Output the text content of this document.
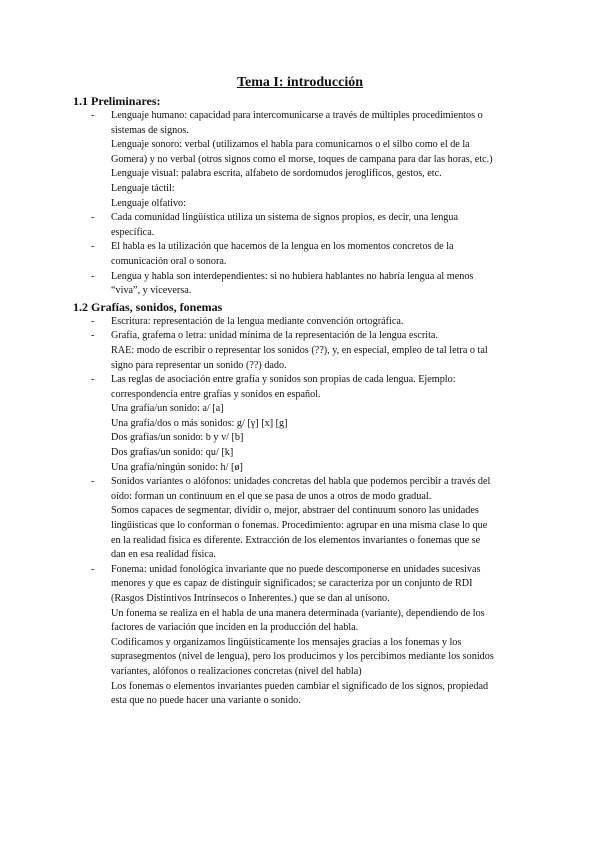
Tema I: introducción
1.1 Preliminares:
- Lenguaje humano: capacidad para intercomunicarse a través de múltiples procedimientos o
sistemas de signos.
Lenguaje sonoro: verbal (utilizamos el habla para comunicarnos o el silbo como el de la
Gomera) y no verbal (otros signos como el morse, toques de campana para dar las horas, etc.)
Lenguaje visual: palabra escrita, alfabeto de sordomudos jeroglíficos, gestos, etc.
Lenguaje táctil:
Lenguaje olfativo:
- Cada comunidad lingüística utiliza un sistema de signos propios, es decir, una lengua
específica.
- El habla es la utilización que hacemos de la lengua en los momentos concretos de la
comunicación oral o sonora.
- Lengua y habla son interdependientes: si no hubiera hablantes no habría lengua al menos
“viva”, y viceversa.
1.2 Grafías, sonidos, fonemas
- Escritura: representación de la lengua mediante convención ortográfica.
- Grafía, grafema o letra: unidad mínima de la representación de la lengua escrita.
RAE: modo de escribir o representar los sonidos (??), y, en especial, empleo de tal letra o tal
signo para representar un sonido (??) dado.
- Las reglas de asociación entre grafía y sonidos son propias de cada lengua. Ejemplo:
correspondencia entre grafías y sonidos en español.
Una grafía/un sonido: a/ [a]
Una grafía/dos o más sonidos: g/ [γ] [x] [g]
Dos grafías/un sonido: b y v/ [b]
Dos grafías/un sonido: qu/ [k]
Una grafía/ningún sonido: h/ [ø]
- Sonidos variantes o alófonos: unidades concretas del habla que podemos percibir a través del
oído: forman un continuum en el que se pasa de unos a otros de modo gradual.
Somos capaces de segmentar, dividir o, mejor, abstraer del continuum sonoro las unidades
lingüísticas que lo conforman o fonemas. Procedimiento: agrupar en una misma clase lo que
en la realidad física es diferente. Extracción de los elementos invariantes o fonemas que se
dan en esa realidad física.
- Fonema: unidad fonológica invariante que no puede descomponerse en unidades sucesivas
menores y que es capaz de distinguir significados; se caracteriza por un conjunto de RDI
(Rasgos Distintivos Intrínsecos o Inherentes.) que se dan al unísono.
Un fonema se realiza en el habla de una manera determinada (variante), dependiendo de los
factores de variación que inciden en la producción del habla.
Codificamos y organizamos lingüísticamente los mensajes gracias a los fonemas y los
suprasegmentos (nivel de lengua), pero los producimos y los percibimos mediante los sonidos
variantes, alófonos o realizaciones concretas (nivel del habla)
Los fonemas o elementos invariantes pueden cambiar el significado de los signos, propiedad
esta que no puede hacer una variante o sonido.
